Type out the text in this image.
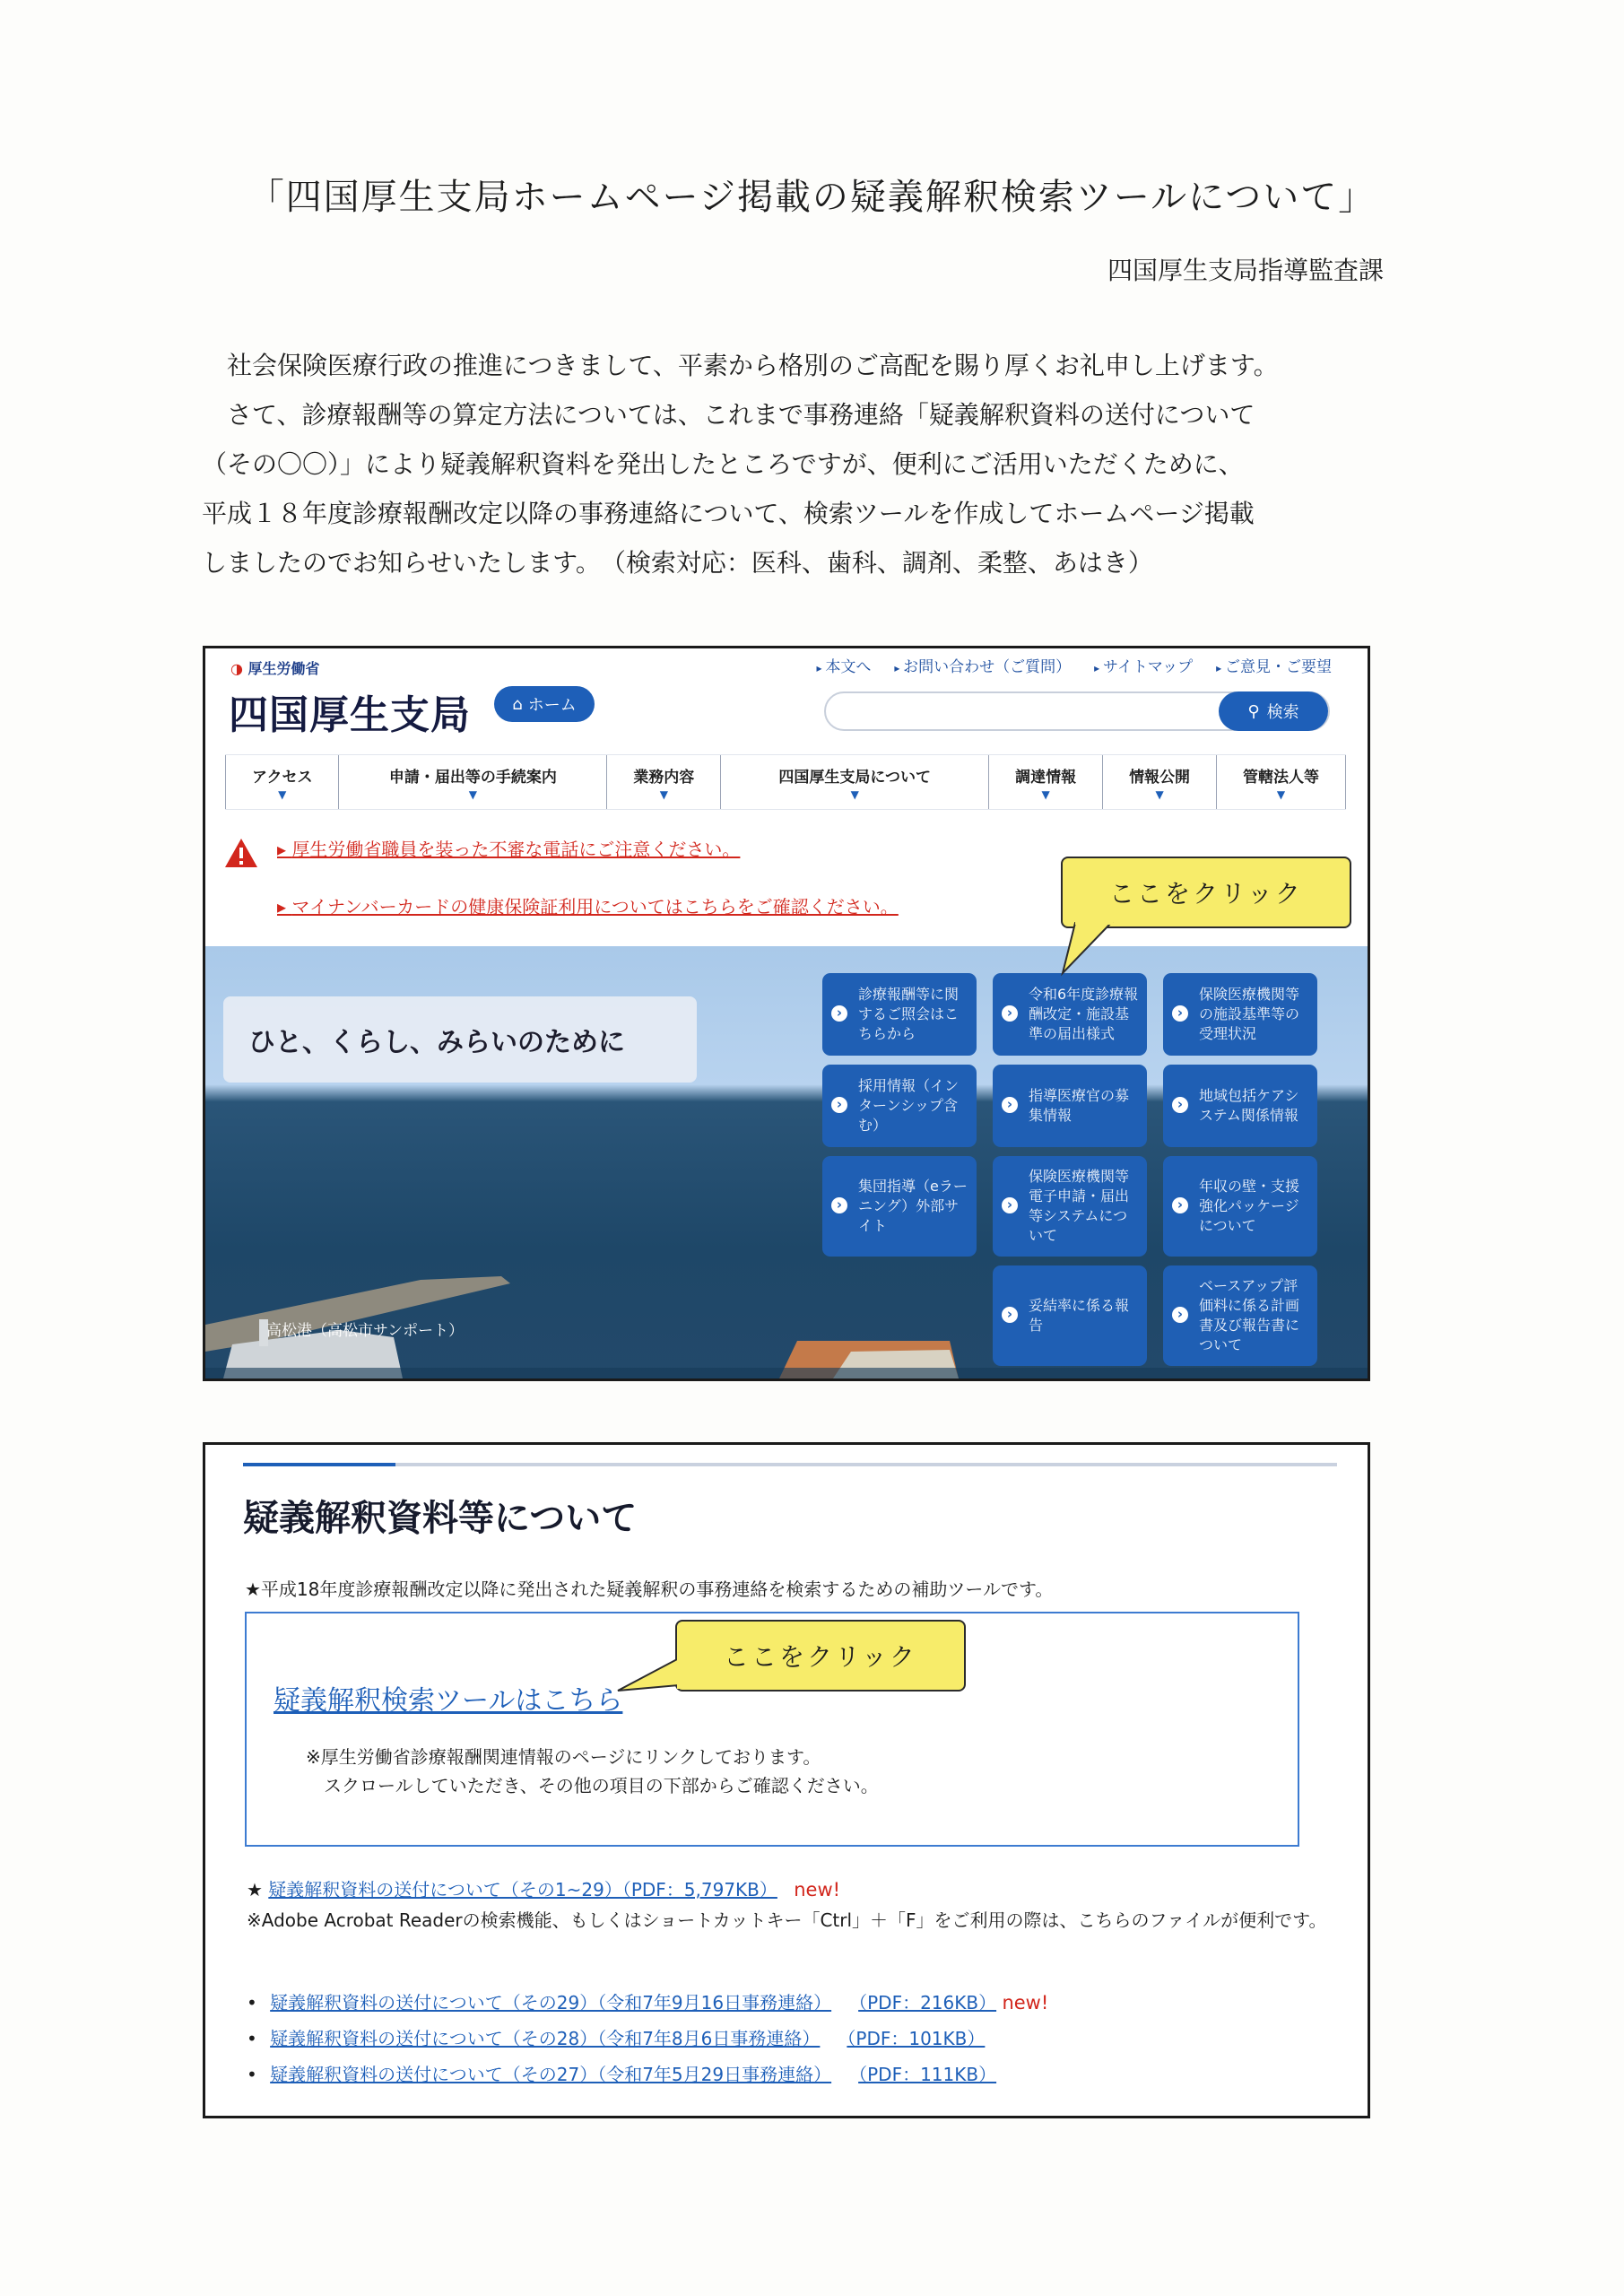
「四国厚生支局ホームページ掲載の疑義解釈検索ツールについて」
四国厚生支局指導監査課

社会保険医療行政の推進につきまして、平素から格別のご高配を賜り厚くお礼申し上げます。

さて、診療報酬等の算定方法については、これまで事務連絡「疑義解釈資料の送付について

（その〇〇）」により疑義解釈資料を発出したところですが、便利にご活用いただくために、

平成１８年度診療報酬改定以降の事務連絡について、検索ツールを作成してホームページ掲載

しましたのでお知らせいたします。　（検索対応：医科、歯科、調剤、柔整、あはき）

◑ 厚生労働省
四国厚生支局	⌂ ホーム
▸ 本文へ	▸ お問い合わせ（ご質問）	▸ サイトマップ	▸ ご意見・ご要望
⚲ 検索
アクセス
▼
申請・届出等の手続案内
▼
業務内容
▼
四国厚生支局について
▼
調達情報
▼
情報公開
▼
管轄法人等
▼
▸ 厚生労働省職員を装った不審な電話にご注意ください。
▸ マイナンバーカードの健康保険証利用についてはこちらをご確認ください。
ひと、くらし、みらいのために
高松港（高松市サンポート）
› 診療報酬等に関するご照会はこちらから
› 令和6年度診療報酬改定・施設基準の届出様式
› 保険医療機関等の施設基準等の受理状況
› 採用情報（インターンシップ含む）
› 指導医療官の募集情報
› 地域包括ケアシステム関係情報
› 集団指導（eラーニング）外部サイト
› 保険医療機関等電子申請・届出等システムについて
› 年収の壁・支援強化パッケージについて
› 妥結率に係る報告
› ベースアップ評価料に係る計画書及び報告書について
ここをクリック
疑義解釈資料等について
★平成18年度診療報酬改定以降に発出された疑義解釈の事務連絡を検索するための補助ツールです。
疑義解釈検索ツールはこちら
ここをクリック
※厚生労働省診療報酬関連情報のページにリンクしております。
スクロールしていただき、その他の項目の下部からご確認ください。
★ 疑義解釈資料の送付について（その1~29）（PDF：5,797KB） new!
※Adobe Acrobat Readerの検索機能、もしくはショートカットキー「Ctrl」＋「F」をご利用の際は、こちらのファイルが便利です。
• 疑義解釈資料の送付について（その29）（令和7年9月16日事務連絡） （PDF：216KB） new!
• 疑義解釈資料の送付について（その28）（令和7年8月6日事務連絡） （PDF：101KB）
• 疑義解釈資料の送付について（その27）（令和7年5月29日事務連絡） （PDF：111KB）
